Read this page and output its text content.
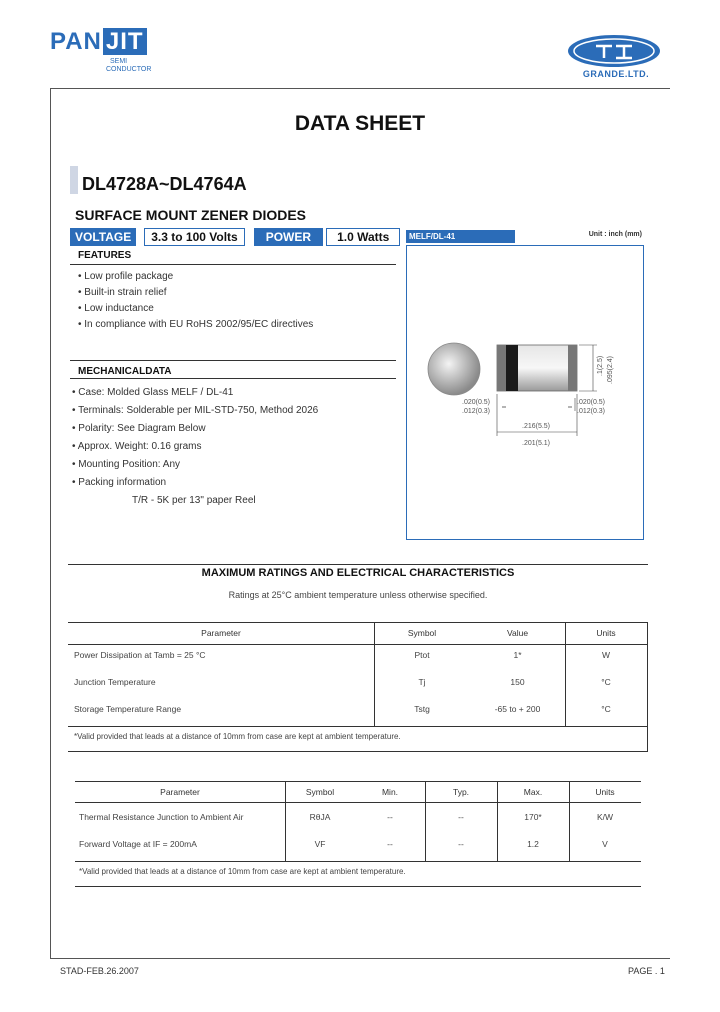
PAN JIT
SEMI
CONDUCTOR	GRANDE.LTD.
DATA SHEET
DL4728A~DL4764A
SURFACE MOUNT ZENER DIODES
VOLTAGE	3.3 to 100 Volts	POWER	1.0 Watts
FEATURES
• Low profile package
• Built-in strain relief
• Low inductance
• In compliance with EU RoHS 2002/95/EC directives
MECHANICALDATA
• Case: Molded Glass MELF / DL-41
• Terminals: Solderable per MIL-STD-750, Method 2026
• Polarity: See Diagram Below
• Approx. Weight: 0.16 grams
• Mounting Position: Any
• Packing information
T/R - 5K per 13" paper Reel
MELF/DL-41	Unit : inch (mm)
.020(0.5)
.012(0.3)
.020(0.5)
.012(0.3)
.216(5.5)
.201(5.1)
.1(2.5) .095(2.4)
MAXIMUM RATINGS AND ELECTRICAL CHARACTERISTICS
Ratings at 25°C ambient temperature unless otherwise specified.
Parameter	Symbol	Value	Units
Power Dissipation at Tamb = 25 °C	Ptot	1*	W
Junction Temperature	Tj	150	°C
Storage Temperature Range	Tstg	-65 to + 200	°C
*Valid provided that leads at a distance of 10mm from case are kept at ambient temperature.
Parameter	Symbol	Min.	Typ.	Max.	Units
Thermal Resistance Junction to Ambient Air	RθJA	--	--	170*	K/W
Forward Voltage at IF = 200mA	VF	--	--	1.2	V
*Valid provided that leads at a distance of 10mm from case are kept at ambient temperature.
STAD-FEB.26.2007	PAGE . 1
